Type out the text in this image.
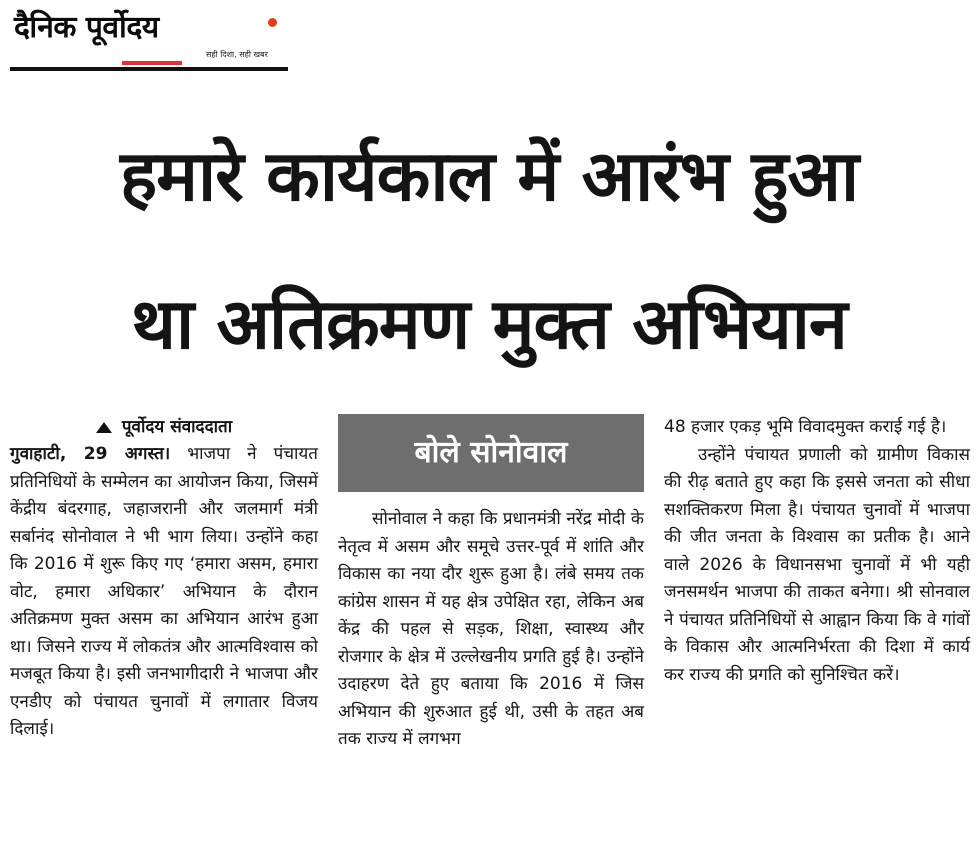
दैनिक पूर्वोदय
सही दिशा, सही खबर
हमारे कार्यकाल में आरंभ हुआ
था अतिक्रमण मुक्त अभियान
पूर्वोदय संवाददाता

गुवाहाटी, 29 अगस्त। भाजपा ने पंचायत प्रतिनिधियों के सम्मेलन का आयोजन किया, जिसमें केंद्रीय बंदरगाह, जहाजरानी और जलमार्ग मंत्री सर्बानंद सोनोवाल ने भी भाग लिया। उन्होंने कहा कि 2016 में शुरू किए गए ‘हमारा असम, हमारा वोट, हमारा अधिकार’ अभियान के दौरान अतिक्रमण मुक्त असम का अभियान आरंभ हुआ था। जिसने राज्य में लोकतंत्र और आत्मविश्वास को मजबूत किया है। इसी जनभागीदारी ने भाजपा और एनडीए को पंचायत चुनावों में लगातार विजय दिलाई।

बोले सोनोवाल

सोनोवाल ने कहा कि प्रधानमंत्री नरेंद्र मोदी के नेतृत्व में असम और समूचे उत्तर-पूर्व में शांति और विकास का नया दौर शुरू हुआ है। लंबे समय तक कांग्रेस शासन में यह क्षेत्र उपेक्षित रहा, लेकिन अब केंद्र की पहल से सड़क, शिक्षा, स्वास्थ्य और रोजगार के क्षेत्र में उल्लेखनीय प्रगति हुई है। उन्होंने उदाहरण देते हुए बताया कि 2016 में जिस अभियान की शुरुआत हुई थी, उसी के तहत अब तक राज्य में लगभग

48 हजार एकड़ भूमि विवादमुक्त कराई गई है।

उन्होंने पंचायत प्रणाली को ग्रामीण विकास की रीढ़ बताते हुए कहा कि इससे जनता को सीधा सशक्तिकरण मिला है। पंचायत चुनावों में भाजपा की जीत जनता के विश्वास का प्रतीक है। आने वाले 2026 के विधानसभा चुनावों में भी यही जनसमर्थन भाजपा की ताकत बनेगा। श्री सोनवाल ने पंचायत प्रतिनिधियों से आह्वान किया कि वे गांवों के विकास और आत्मनिर्भरता की दिशा में कार्य कर राज्य की प्रगति को सुनिश्चित करें।
